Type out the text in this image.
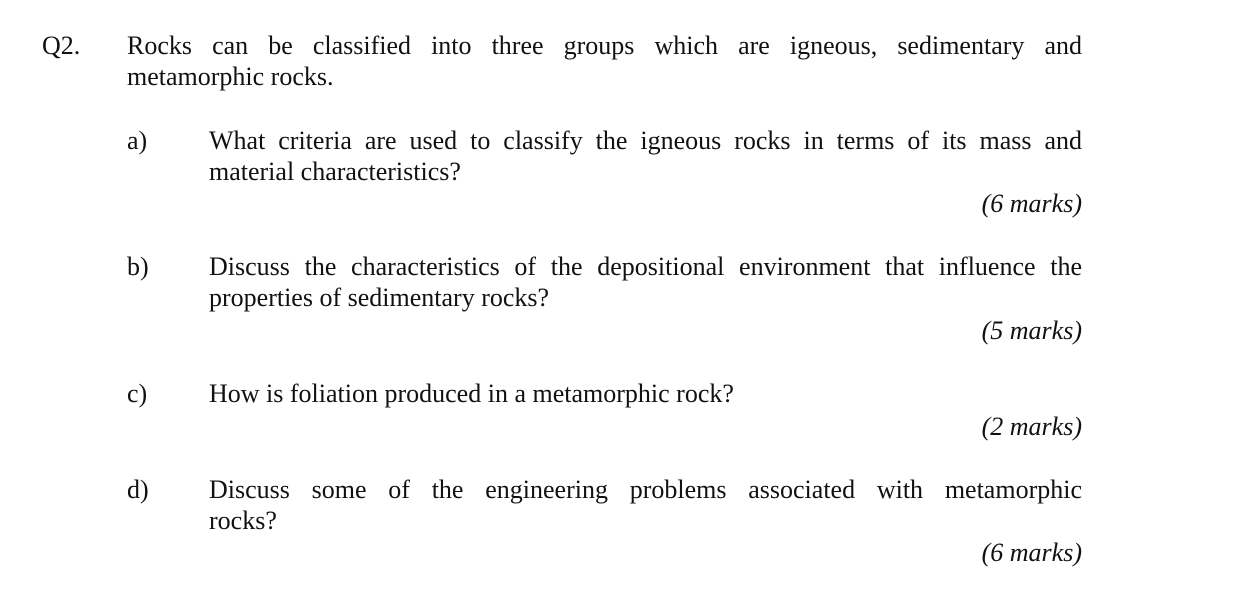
Q2. Rocks can be classified into three groups which are igneous, sedimentary and
metamorphic rocks.
a) What criteria are used to classify the igneous rocks in terms of its mass and
material characteristics?
(6 marks)
b) Discuss the characteristics of the depositional environment that influence the
properties of sedimentary rocks?
(5 marks)
c) How is foliation produced in a metamorphic rock?
(2 marks)
d) Discuss some of the engineering problems associated with metamorphic
rocks?
(6 marks)
